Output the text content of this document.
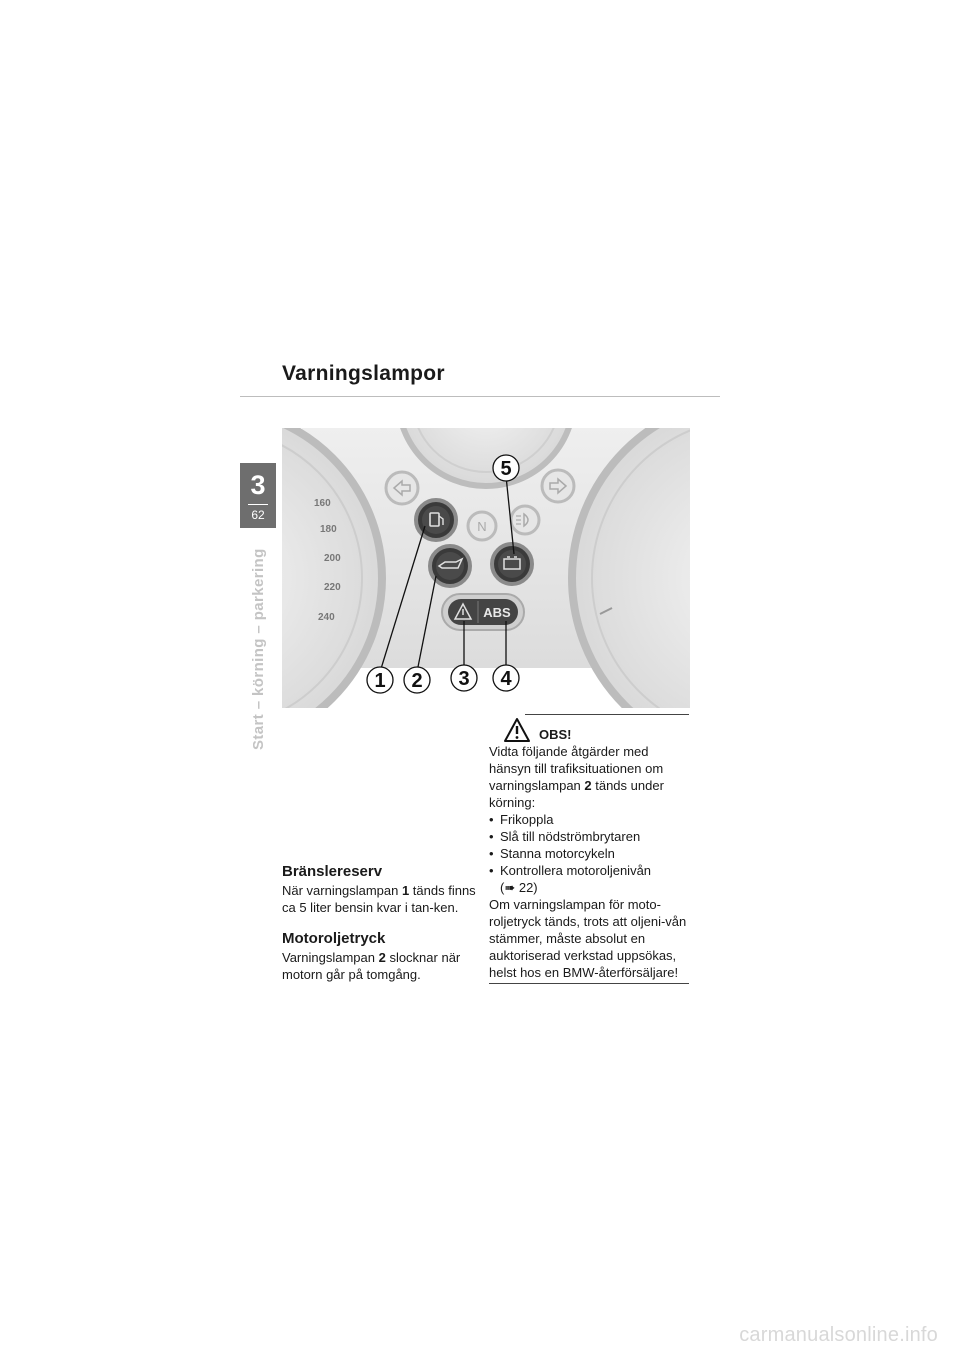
Varningslampor
3
62
Start – körning – parkering
160
180
200
220
240
N
ABS
1 2 3 4
5
Bränslereserv
När varningslampan 1 tänds finns ca 5 liter bensin kvar i tan-ken.
Motoroljetryck
Varningslampan 2 slocknar när motorn går på tomgång.
e
OBS!
Vidta följande åtgärder med hänsyn till trafiksituationen om varningslampan 2 tänds under körning:
• Frikoppla
• Slå till nödströmbrytaren
• Stanna motorcykeln
• Kontrollera motoroljenivån
(➠ 22)
Om varningslampan för moto-roljetryck tänds, trots att oljeni-vån stämmer, måste absolut en auktoriserad verkstad uppsökas, helst hos en BMW-återförsäljare!
carmanualsonline.info
